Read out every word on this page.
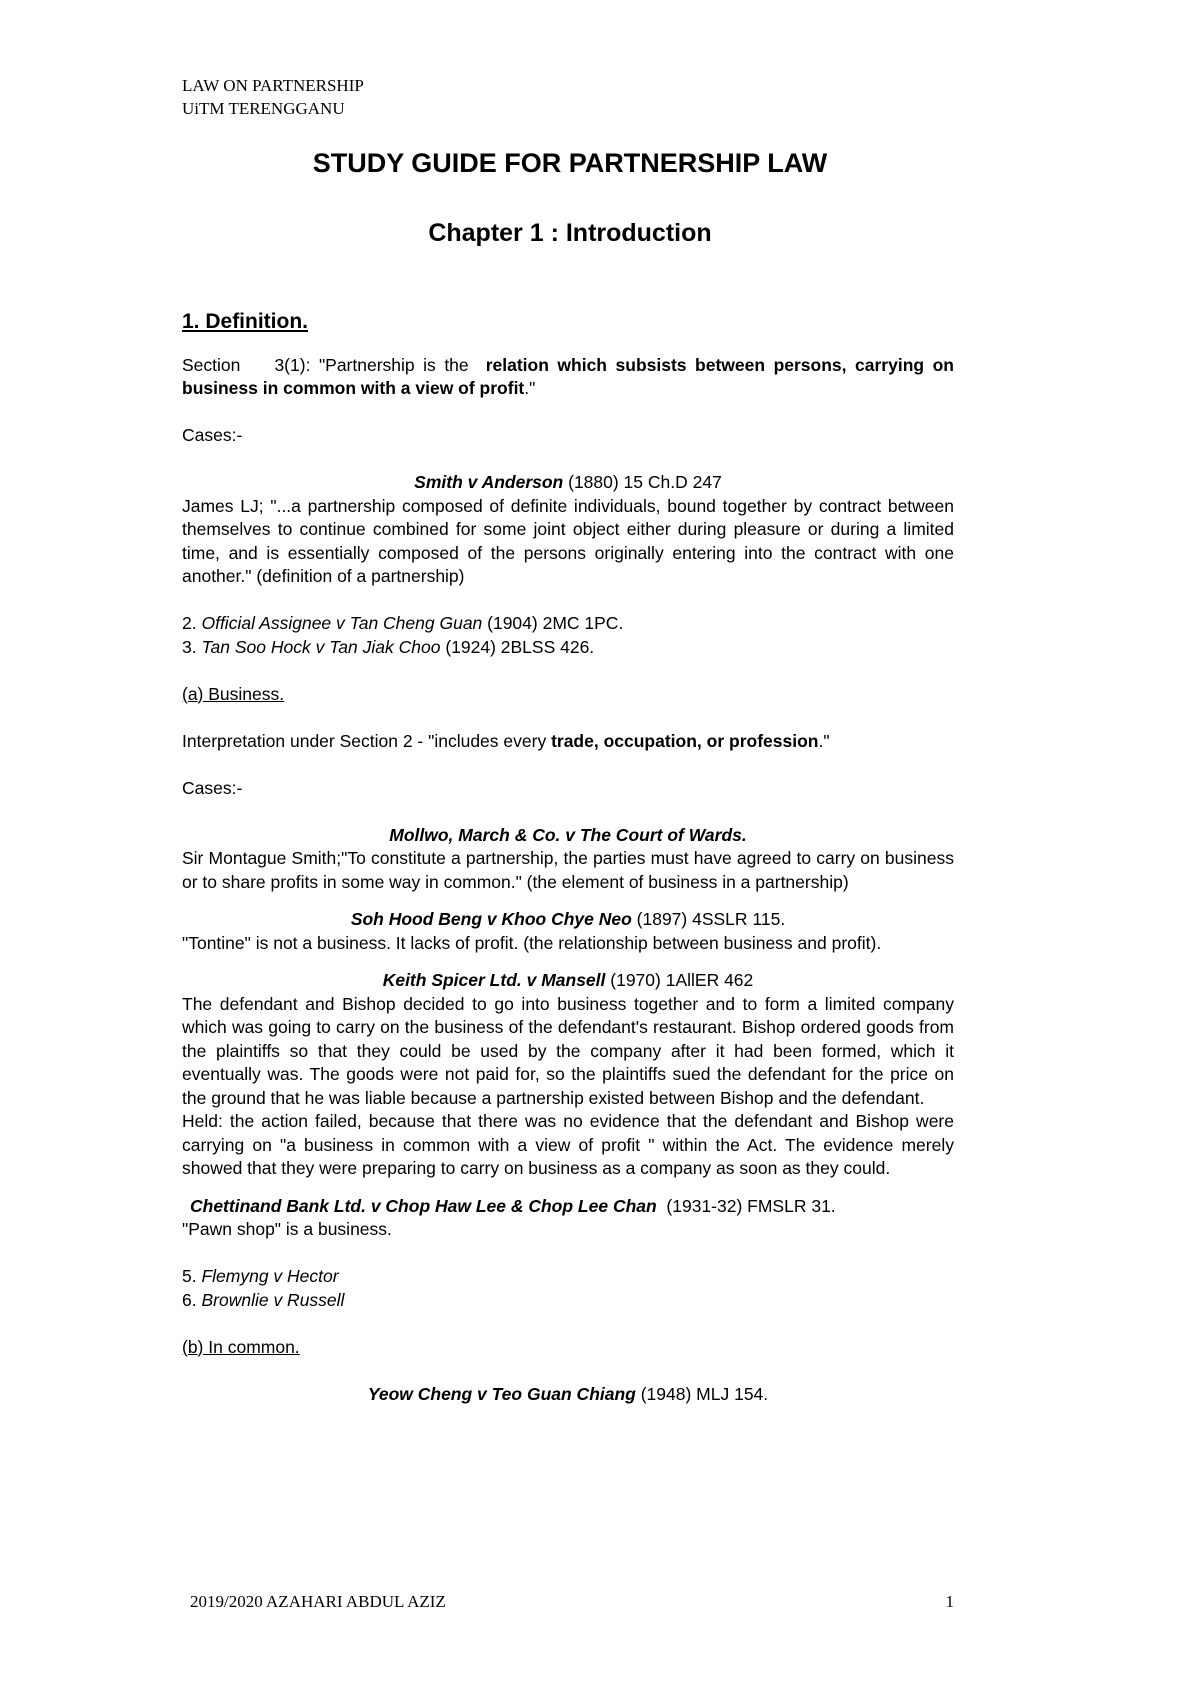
LAW ON PARTNERSHIP
UiTM TERENGGANU
STUDY GUIDE FOR PARTNERSHIP LAW
Chapter 1 : Introduction

1. Definition.

Section    3(1): "Partnership is the  relation which subsists between persons, carrying on business in common with a view of profit."

Cases:-

Smith v Anderson (1880) 15 Ch.D 247

James LJ; "...a partnership composed of definite individuals, bound together by contract between themselves to continue combined for some joint object either during pleasure or during a limited time, and is essentially composed of the persons originally entering into the contract with one another." (definition of a partnership)

2. Official Assignee v Tan Cheng Guan (1904) 2MC 1PC.

3. Tan Soo Hock v Tan Jiak Choo (1924) 2BLSS 426.

(a) Business.

Interpretation under Section 2 - "includes every trade, occupation, or profession."

Cases:-

Mollwo, March & Co. v The Court of Wards.

Sir Montague Smith;"To constitute a partnership, the parties must have agreed to carry on business or to share profits in some way in common." (the element of business in a partnership)

Soh Hood Beng v Khoo Chye Neo (1897) 4SSLR 115.

"Tontine" is not a business. It lacks of profit. (the relationship between business and profit).

Keith Spicer Ltd. v Mansell (1970) 1AllER 462

The defendant and Bishop decided to go into business together and to form a limited company which was going to carry on the business of the defendant's restaurant. Bishop ordered goods from the plaintiffs so that they could be used by the company after it had been formed, which it eventually was. The goods were not paid for, so the plaintiffs sued the defendant for the price on the ground that he was liable because a partnership existed between Bishop and the defendant.

Held: the action failed, because that there was no evidence that the defendant and Bishop were carrying on "a business in common with a view of profit " within the Act. The evidence merely showed that they were preparing to carry on business as a company as soon as they could.

Chettinand Bank Ltd. v Chop Haw Lee & Chop Lee Chan  (1931-32) FMSLR 31.

"Pawn shop" is a business.

5. Flemyng v Hector

6. Brownlie v Russell

(b) In common.

Yeow Cheng v Teo Guan Chiang (1948) MLJ 154.

2019/2020 AZAHARI ABDUL AZIZ	1
